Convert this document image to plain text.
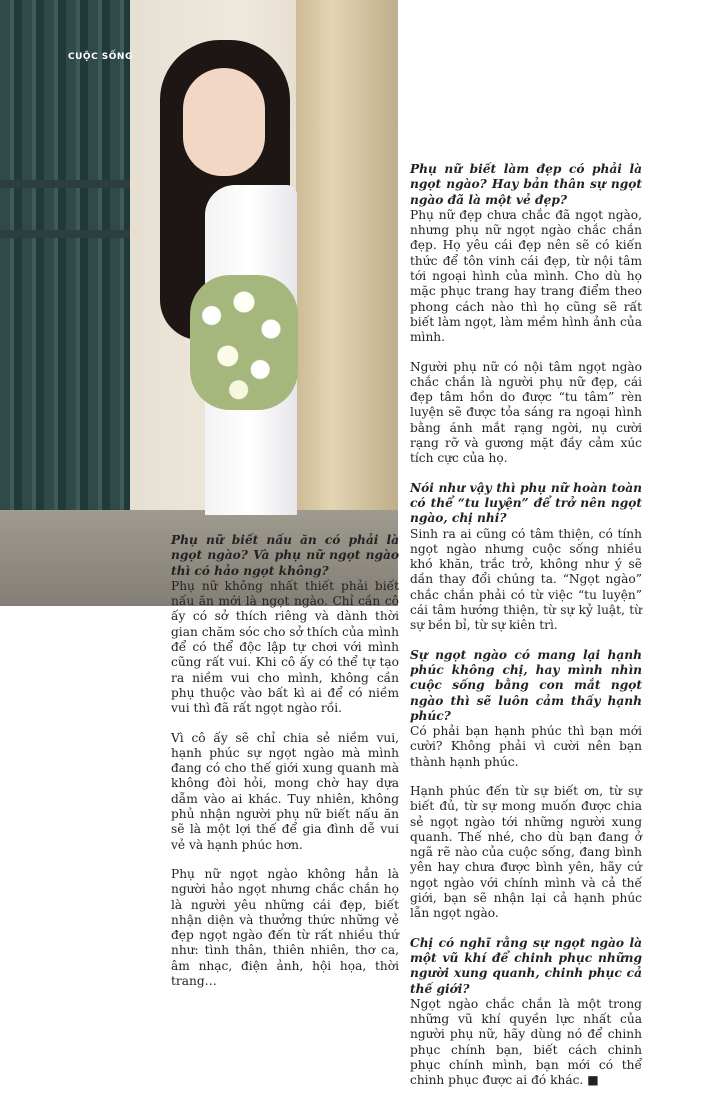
CUỘC SỐNG

Phụ nữ biết nấu ăn có phải là ngọt ngào? Và phụ nữ ngọt ngào thì có hảo ngọt không?

Phụ nữ không nhất thiết phải biết nấu ăn mới là ngọt ngào. Chỉ cần cô ấy có sở thích riêng và dành thời gian chăm sóc cho sở thích của mình để có thể độc lập tự chơi với mình cũng rất vui. Khi cô ấy có thể tự tạo ra niềm vui cho mình, không cần phụ thuộc vào bất kì ai để có niềm vui thì đã rất ngọt ngào rồi.

Vì cô ấy sẽ chỉ chia sẻ niềm vui, hạnh phúc sự ngọt ngào mà mình đang có cho thế giới xung quanh mà không đòi hỏi, mong chờ hay dựa dẫm vào ai khác. Tuy nhiên, không phủ nhận người phụ nữ biết nấu ăn sẽ là một lợi thế để gia đình dễ vui vẻ và hạnh phúc hơn.

Phụ nữ ngọt ngào không hẳn là người hảo ngọt nhưng chắc chắn họ là người yêu những cái đẹp, biết nhận diện và thưởng thức những vẻ đẹp ngọt ngào đến từ rất nhiều thứ như: tình thân, thiên nhiên, thơ ca, âm nhạc, điện ảnh, hội họa, thời trang…

Phụ nữ biết làm đẹp có phải là ngọt ngào? Hay bản thân sự ngọt ngào đã là một vẻ đẹp?

Phụ nữ đẹp chưa chắc đã ngọt ngào, nhưng phụ nữ ngọt ngào chắc chắn đẹp. Họ yêu cái đẹp nên sẽ có kiến thức để tôn vinh cái đẹp, từ nội tâm tới ngoại hình của mình. Cho dù họ mặc phục trang hay trang điểm theo phong cách nào thì họ cũng sẽ rất biết làm ngọt, làm mềm hình ảnh của mình.

Người phụ nữ có nội tâm ngọt ngào chắc chắn là người phụ nữ đẹp, cái đẹp tâm hồn do được “tu tâm” rèn luyện sẽ được tỏa sáng ra ngoại hình bằng ánh mắt rạng ngời, nụ cười rạng rỡ và gương mặt đầy cảm xúc tích cực của họ.

Nói như vậy thì phụ nữ hoàn toàn có thể “tu luyện” để trở nên ngọt ngào, chị nhỉ?

Sinh ra ai cũng có tâm thiện, có tính ngọt ngào nhưng cuộc sống nhiều khó khăn, trắc trở, không như ý sẽ dần thay đổi chúng ta. “Ngọt ngào” chắc chắn phải có từ việc “tu luyện” cái tâm hướng thiện, từ sự kỷ luật, từ sự bền bỉ, từ sự kiên trì.

Sự ngọt ngào có mang lại hạnh phúc không chị, hay mình nhìn cuộc sống bằng con mắt ngọt ngào thì sẽ luôn cảm thấy hạnh phúc?

Có phải bạn hạnh phúc thì bạn mới cười? Không phải vì cười nên bạn thành hạnh phúc.

Hạnh phúc đến từ sự biết ơn, từ sự biết đủ, từ sự mong muốn được chia sẻ ngọt ngào tới những người xung quanh. Thế nhé, cho dù bạn đang ở ngã rẽ nào của cuộc sống, đang bình yên hay chưa được bình yên, hãy cứ ngọt ngào với chính mình và cả thế giới, bạn sẽ nhận lại cả hạnh phúc lẫn ngọt ngào.

Chị có nghĩ rằng sự ngọt ngào là một vũ khí để chinh phục những người xung quanh, chinh phục cả thế giới?

Ngọt ngào chắc chắn là một trong những vũ khí quyền lực nhất của người phụ nữ, hãy dùng nó để chinh phục chính bạn, biết cách chinh phục chính mình, bạn mới có thể chinh phục được ai đó khác. ■
